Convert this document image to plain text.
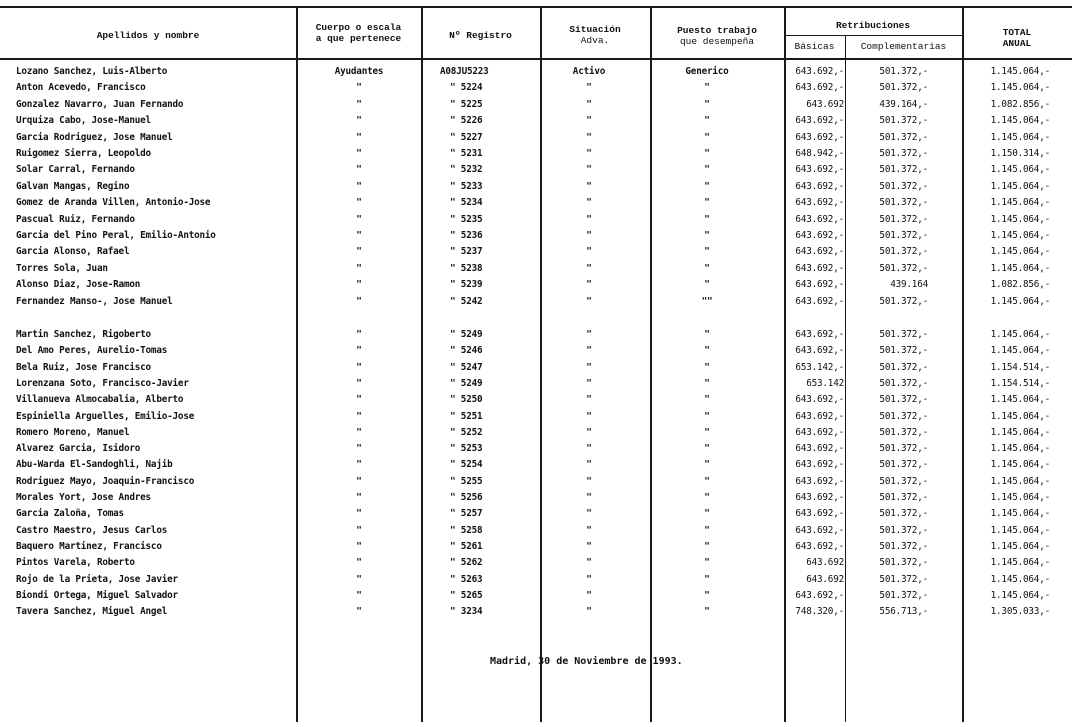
Apellidos y nombre
Cuerpo o escala
a que pertenece	Nº Registro
Situación
Adva.
Puesto trabajo
que desempeña
Retribuciones
Básicas	Complementarias
TOTAL
ANUAL
Lozano Sanchez, Luis-Alberto	Ayudantes	A08JU5223	Activo	Generico	643.692,-	501.372,-	1.145.064,-
Anton Acevedo, Francisco	"	" 5224	"	"	643.692,-	501.372,-	1.145.064,-
Gonzalez Navarro, Juan Fernando	"	" 5225	"	"	643.692	439.164,-	1.082.856,-
Urquiza Cabo, Jose-Manuel	"	" 5226	"	"	643.692,-	501.372,-	1.145.064,-
Garcia Rodriguez, Jose Manuel	"	" 5227	"	"	643.692,-	501.372,-	1.145.064,-
Ruigomez Sierra, Leopoldo	"	" 5231	"	"	648.942,-	501.372,-	1.150.314,-
Solar Carral, Fernando	"	" 5232	"	"	643.692,-	501.372,-	1.145.064,-
Galvan Mangas, Regino	"	" 5233	"	"	643.692,-	501.372,-	1.145.064,-
Gomez de Aranda Villen, Antonio-Jose	"	" 5234	"	"	643.692,-	501.372,-	1.145.064,-
Pascual Ruiz, Fernando	"	" 5235	"	"	643.692,-	501.372,-	1.145.064,-
Garcia del Pino Peral, Emilio-Antonio	"	" 5236	"	"	643.692,-	501.372,-	1.145.064,-
Garcia Alonso, Rafael	"	" 5237	"	"	643.692,-	501.372,-	1.145.064,-
Torres Sola, Juan	"	" 5238	"	"	643.692,-	501.372,-	1.145.064,-
Alonso Diaz, Jose-Ramon	"	" 5239	"	"	643.692,-	439.164	1.082.856,-
Fernandez Manso-, Jose Manuel	"	" 5242	"	""	643.692,-	501.372,-	1.145.064,-
Martin Sanchez, Rigoberto	"	" 5249	"	"	643.692,-	501.372,-	1.145.064,-
Del Amo Peres, Aurelio-Tomas	"	" 5246	"	"	643.692,-	501.372,-	1.145.064,-
Bela Ruiz, Jose Francisco	"	" 5247	"	"	653.142,-	501.372,-	1.154.514,-
Lorenzana Soto, Francisco-Javier	"	" 5249	"	"	653.142	501.372,-	1.154.514,-
Villanueva Almocabalia, Alberto	"	" 5250	"	"	643.692,-	501.372,-	1.145.064,-
Espiniella Arguelles, Emilio-Jose	"	" 5251	"	"	643.692,-	501.372,-	1.145.064,-
Romero Moreno, Manuel	"	" 5252	"	"	643.692,-	501.372,-	1.145.064,-
Alvarez Garcia, Isidoro	"	" 5253	"	"	643.692,-	501.372,-	1.145.064,-
Abu-Warda El-Sandoghli, Najib	"	" 5254	"	"	643.692,-	501.372,-	1.145.064,-
Rodriguez Mayo, Joaquin-Francisco	"	" 5255	"	"	643.692,-	501.372,-	1.145.064,-
Morales Yort, Jose Andres	"	" 5256	"	"	643.692,-	501.372,-	1.145.064,-
Garcia Zaloña, Tomas	"	" 5257	"	"	643.692,-	501.372,-	1.145.064,-
Castro Maestro, Jesus Carlos	"	" 5258	"	"	643.692,-	501.372,-	1.145.064,-
Baquero Martinez, Francisco	"	" 5261	"	"	643.692,-	501.372,-	1.145.064,-
Pintos Varela, Roberto	"	" 5262	"	"	643.692	501.372,-	1.145.064,-
Rojo de la Prieta, Jose Javier	"	" 5263	"	"	643.692	501.372,-	1.145.064,-
Biondi Ortega, Miguel Salvador	"	" 5265	"	"	643.692,-	501.372,-	1.145.064,-
Tavera Sanchez, Miguel Angel	"	" 3234	"	"	748.320,-	556.713,-	1.305.033,-
Madrid, 30 de Noviembre de 1993.
